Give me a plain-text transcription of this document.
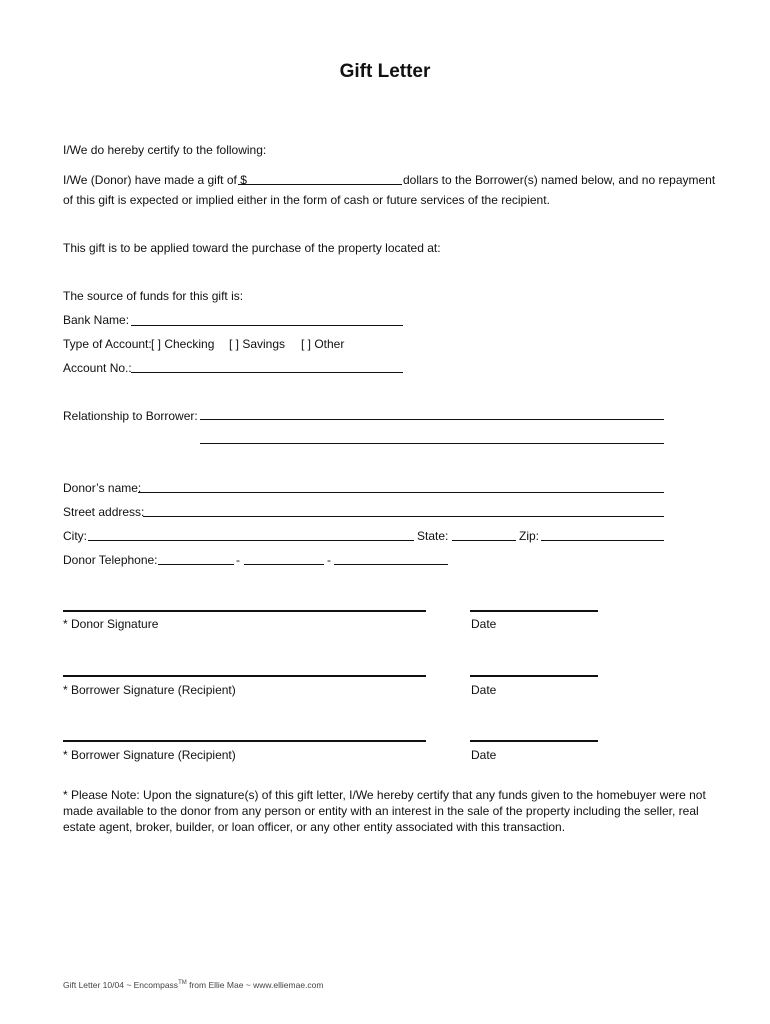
Gift Letter
I/We do hereby certify to the following:
I/We (Donor) have made a gift of $	dollars to the Borrower(s) named below, and no repayment
of this gift is expected or implied either in the form of cash or future services of the recipient.
This gift is to be applied toward the purchase of the property located at:
The source of funds for this gift is:
Bank Name:
Type of Account: [ ] Checking [ ] Savings [ ] Other
Account No.:
Relationship to Borrower:
Donor’s name:
Street address:
City:	State:	Zip:
Donor Telephone:	-	-
* Donor Signature	Date
* Borrower Signature (Recipient)	Date
* Borrower Signature (Recipient)	Date
* Please Note: Upon the signature(s) of this gift letter, I/We hereby certify that any funds given to the homebuyer were not made available to the donor from any person or entity with an interest in the sale of the property including the seller, real estate agent, broker, builder, or loan officer, or any other entity associated with this transaction.
Gift Letter 10/04 ~ Encompass™ from Ellie Mae ~ www.elliemae.com
